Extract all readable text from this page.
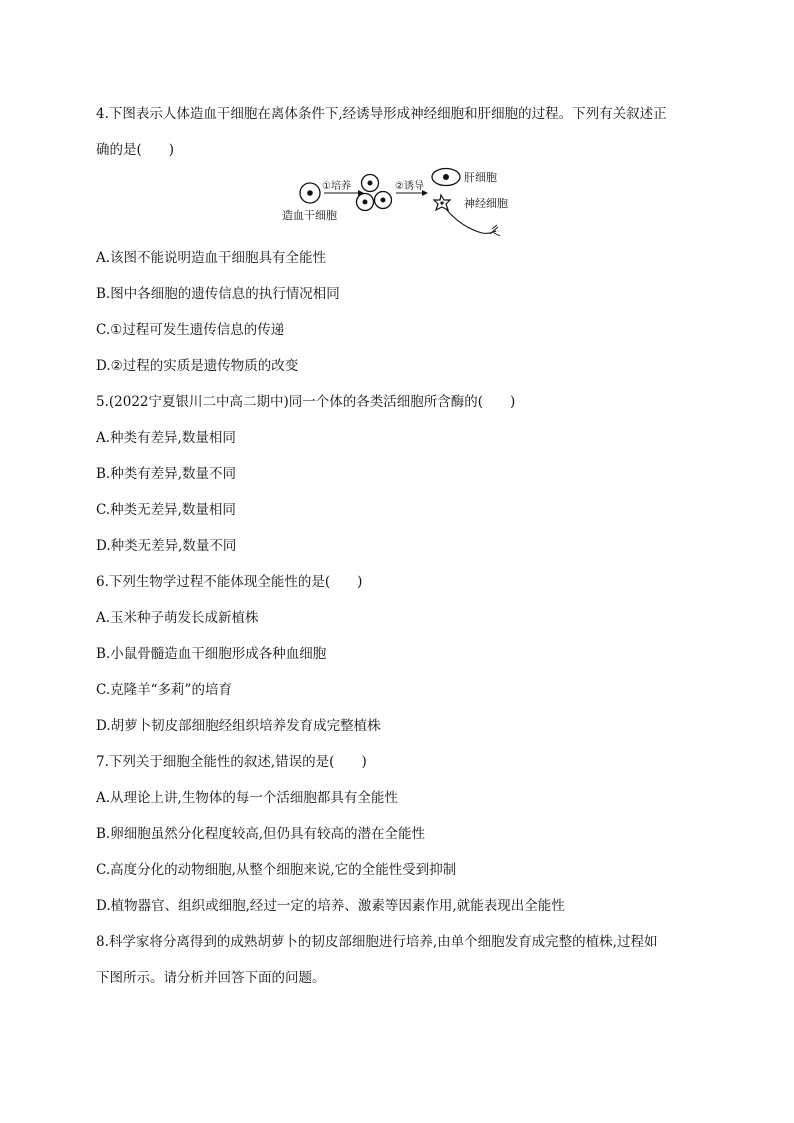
4.下图表示人体造血干细胞在离体条件下,经诱导形成神经细胞和肝细胞的过程。下列有关叙述正
确的是(　　)
造血干细胞
①培养	②诱导
肝细胞
神经细胞
A.该图不能说明造血干细胞具有全能性
B.图中各细胞的遗传信息的执行情况相同
C.①过程可发生遗传信息的传递
D.②过程的实质是遗传物质的改变
5.(2022宁夏银川二中高二期中)同一个体的各类活细胞所含酶的(　　)
A.种类有差异,数量相同
B.种类有差异,数量不同
C.种类无差异,数量相同
D.种类无差异,数量不同
6.下列生物学过程不能体现全能性的是(　　)
A.玉米种子萌发长成新植株
B.小鼠骨髓造血干细胞形成各种血细胞
C.克隆羊“多莉”的培育
D.胡萝卜韧皮部细胞经组织培养发育成完整植株
7.下列关于细胞全能性的叙述,错误的是(　　)
A.从理论上讲,生物体的每一个活细胞都具有全能性
B.卵细胞虽然分化程度较高,但仍具有较高的潜在全能性
C.高度分化的动物细胞,从整个细胞来说,它的全能性受到抑制
D.植物器官、组织或细胞,经过一定的培养、激素等因素作用,就能表现出全能性
8.科学家将分离得到的成熟胡萝卜的韧皮部细胞进行培养,由单个细胞发育成完整的植株,过程如
下图所示。请分析并回答下面的问题。
